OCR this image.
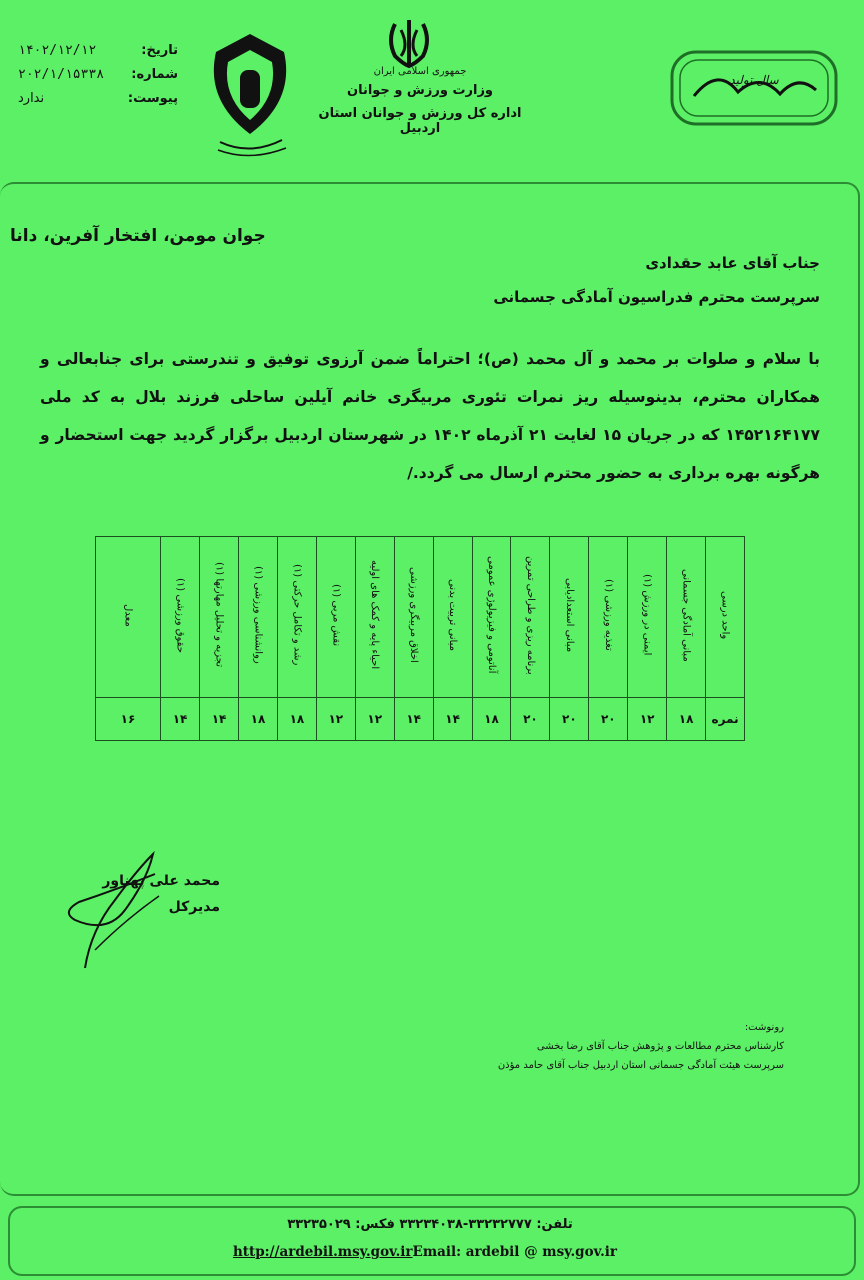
تاریخ:
۱۴۰۲/۱۲/۱۲
شماره:
۲۰۲/۱/۱۵۳۳۸
پیوست:
ندارد
جمهوری اسلامی ایران
وزارت ورزش و جوانان
اداره کل ورزش و جوانان استان اردبیل
سال تولید
جوان مومن، افتخار آفرین، دانا
جناب آقای عابد حقدادی
سرپرست محترم فدراسیون آمادگی جسمانی
با سلام و صلوات بر محمد و آل محمد (ص)؛ احتراماً ضمن آرزوی توفیق و تندرستی برای جنابعالی و همکاران محترم، بدینوسیله ریز نمرات تئوری مربیگری خانم آیلین ساحلی فرزند بلال به کد ملی ۱۴۵۲۱۶۴۱۷۷ که در جریان ۱۵ لغایت ۲۱ آذرماه ۱۴۰۲ در شهرستان اردبیل برگزار گردید جهت استحضار و هرگونه بهره برداری به حضور محترم ارسال می گردد./
واحد درسی	مبانی آمادگی جسمانی	ایمنی در ورزش (۱)	تغذیه ورزشی (۱)	مبانی استعدادیابی	برنامه ریزی و طراحی تمرین	آناتومی و فیزیولوژی عمومی	مبانی تربیت بدنی	اخلاق مربیگری ورزشی	احیاء پایه و کمک های اولیه	نقش مربی (۱)	رشد و تکامل حرکتی (۱)	روانشناسی ورزشی (۱)	تجزیه و تحلیل مهارتها (۱)	حقوق ورزشی (۱)	معدل
نمره	۱۸	۱۲	۲۰	۲۰	۲۰	۱۸	۱۴	۱۴	۱۲	۱۲	۱۸	۱۸	۱۴	۱۴	۱۶
محمد علی پهناور
مدیرکل
رونوشت:
کارشناس محترم مطالعات و پژوهش جناب آقای رضا بخشی
سرپرست هیئت آمادگی جسمانی استان اردبیل جناب آقای حامد مؤذن
تلفن: ۳۳۲۳۲۷۷۷-۳۳۲۳۴۰۳۸ فکس: ۳۳۲۳۵۰۲۹
http://ardebil.msy.gov.irEmail: ardebil @ msy.gov.ir
